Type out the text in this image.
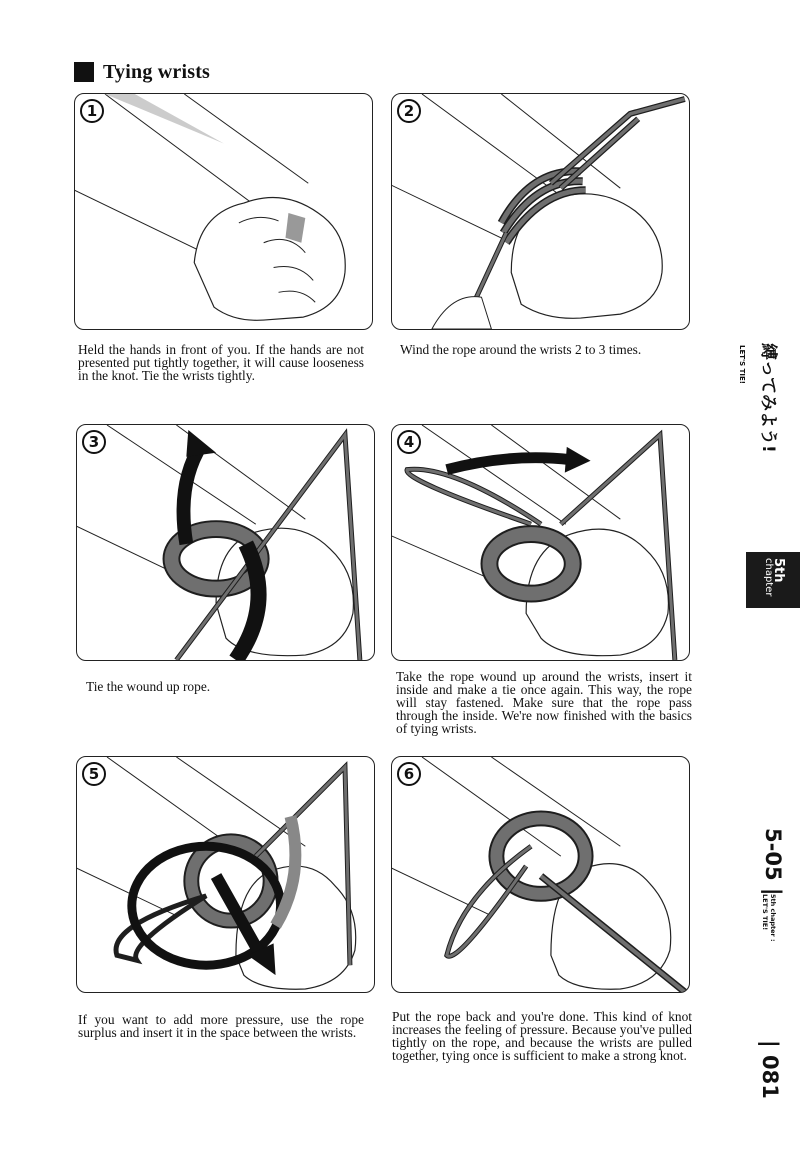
Tying wrists
1	2
Held the hands in front of you. If the hands are not presented put tightly together, it will cause looseness in the knot. Tie the wrists tightly.
Wind the rope around the wrists 2 to 3 times.
3	4
Tie the wound up rope.
Take the rope wound up around the wrists, insert it inside and make a tie once again. This way, the rope will stay fastened. Make sure that the rope pass through the inside. We're now finished with the basics of tying wrists.
5	6
If you want to add more pressure, use the rope surplus and insert it in the space between the wrists.
Put the rope back and you're done. This kind of knot increases the feeling of pressure. Because you've pulled tightly on the rope, and because the wrists are pulled together, tying once is sufficient to make a strong knot.
LET'S TIE! 縛ってみよう!
5th
chapter
5-05 |
5th chapter :
LET'S TIE!
| 081
